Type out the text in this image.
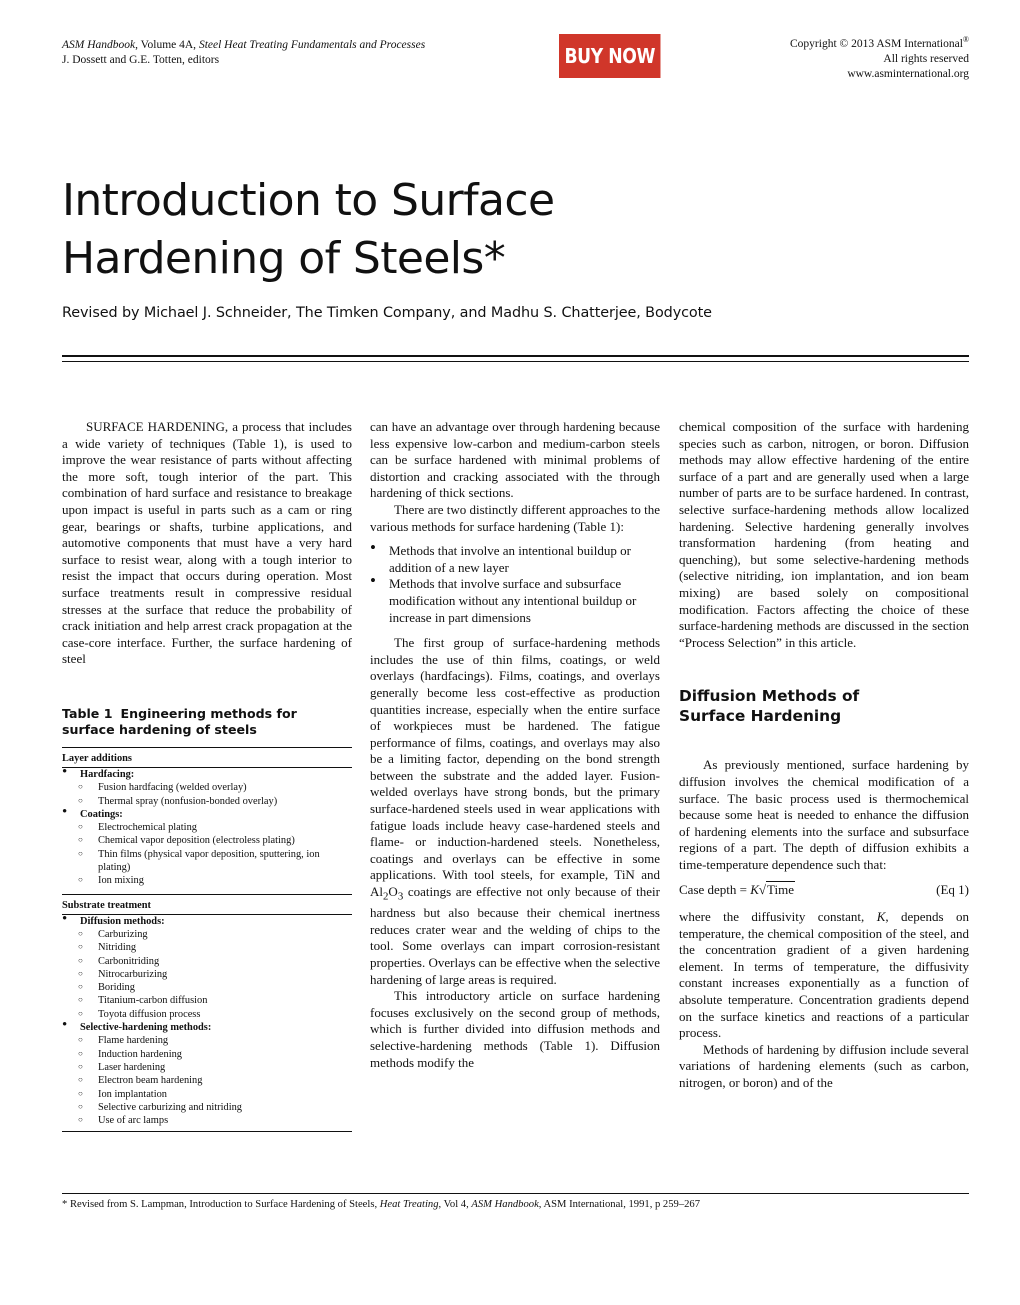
ASM Handbook, Volume 4A, Steel Heat Treating Fundamentals and Processes
J. Dossett and G.E. Totten, editors	BUY NOW
Copyright © 2013 ASM International®
All rights reserved
www.asminternational.org
Introduction to Surface
Hardening of Steels*
Revised by Michael J. Schneider, The Timken Company, and Madhu S. Chatterjee, Bodycote

SURFACE HARDENING, a process that includes a wide variety of techniques (Table 1), is used to improve the wear resistance of parts without affecting the more soft, tough interior of the part. This combination of hard surface and resistance to breakage upon impact is useful in parts such as a cam or ring gear, bearings or shafts, turbine applications, and automotive components that must have a very hard surface to resist wear, along with a tough interior to resist the impact that occurs during operation. Most surface treatments result in compressive residual stresses at the surface that reduce the probability of crack initiation and help arrest crack propagation at the case-core interface. Further, the surface hardening of steel

Table 1 Engineering methods for surface hardening of steels
Layer additions
• Hardfacing:
○ Fusion hardfacing (welded overlay)
○ Thermal spray (nonfusion-bonded overlay)
• Coatings:
○ Electrochemical plating
○ Chemical vapor deposition (electroless plating)
○ Thin films (physical vapor deposition, sputtering, ion plating)
○ Ion mixing
Substrate treatment
• Diffusion methods:
○ Carburizing
○ Nitriding
○ Carbonitriding
○ Nitrocarburizing
○ Boriding
○ Titanium-carbon diffusion
○ Toyota diffusion process
• Selective-hardening methods:
○ Flame hardening
○ Induction hardening
○ Laser hardening
○ Electron beam hardening
○ Ion implantation
○ Selective carburizing and nitriding
○ Use of arc lamps

can have an advantage over through hardening because less expensive low-carbon and medium-carbon steels can be surface hardened with minimal problems of distortion and cracking associated with the through hardening of thick sections.

There are two distinctly different approaches to the various methods for surface hardening (Table 1):

• Methods that involve an intentional buildup or addition of a new layer
• Methods that involve surface and subsurface modification without any intentional buildup or increase in part dimensions

The first group of surface-hardening methods includes the use of thin films, coatings, or weld overlays (hardfacings). Films, coatings, and overlays generally become less cost-effective as production quantities increase, especially when the entire surface of workpieces must be hardened. The fatigue performance of films, coatings, and overlays may also be a limiting factor, depending on the bond strength between the substrate and the added layer. Fusion-welded overlays have strong bonds, but the primary surface-hardened steels used in wear applications with fatigue loads include heavy case-hardened steels and flame- or induction-hardened steels. Nonetheless, coatings and overlays can be effective in some applications. With tool steels, for example, TiN and $Al_2O_3$ coatings are effective not only because of their hardness but also because their chemical inertness reduces crater wear and the welding of chips to the tool. Some overlays can impart corrosion-resistant properties. Overlays can be effective when the selective hardening of large areas is required.

This introductory article on surface hardening focuses exclusively on the second group of methods, which is further divided into diffusion methods and selective-hardening methods (Table 1). Diffusion methods modify the

chemical composition of the surface with hardening species such as carbon, nitrogen, or boron. Diffusion methods may allow effective hardening of the entire surface of a part and are generally used when a large number of parts are to be surface hardened. In contrast, selective surface-hardening methods allow localized hardening. Selective hardening generally involves transformation hardening (from heating and quenching), but some selective-hardening methods (selective nitriding, ion implantation, and ion beam mixing) are based solely on compositional modification. Factors affecting the choice of these surface-hardening methods are discussed in the section “Process Selection” in this article.

Diffusion Methods of
Surface Hardening

As previously mentioned, surface hardening by diffusion involves the chemical modification of a surface. The basic process used is thermochemical because some heat is needed to enhance the diffusion of hardening elements into the surface and subsurface regions of a part. The depth of diffusion exhibits a time-temperature dependence such that:

Case depth = K√Time	(Eq 1)

where the diffusivity constant, K, depends on temperature, the chemical composition of the steel, and the concentration gradient of a given hardening element. In terms of temperature, the diffusivity constant increases exponentially as a function of absolute temperature. Concentration gradients depend on the surface kinetics and reactions of a particular process.

Methods of hardening by diffusion include several variations of hardening elements (such as carbon, nitrogen, or boron) and of the

* Revised from S. Lampman, Introduction to Surface Hardening of Steels, Heat Treating, Vol 4, ASM Handbook, ASM International, 1991, p 259–267
